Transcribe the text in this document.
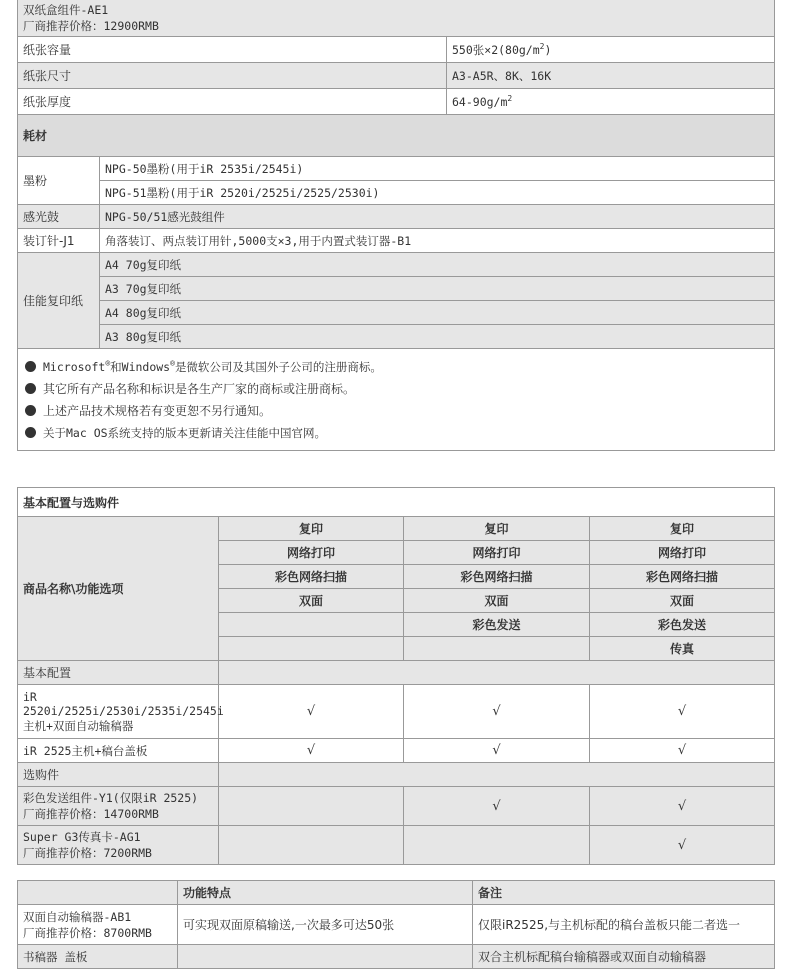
双纸盒组件-AE1
厂商推荐价格：12900RMB		

纸张容量		550张$\times 2(80g/m^2)$
纸张尺寸		A3-A5R、8K、16K
纸张厚度		$64-90g/m^2$
耗材		
墨粉	NPG-50墨粉(用于iR 2535i/2545i)	
	NPG-51墨粉(用于iR 2520i/2525i/2525/2530i)	
感光鼓	NPG-50/51感光鼓组件	
装订针-J1	角落装订、两点装订用针,5000支×3,用于内置式装订器-B1	
佳能复印纸	A4 70g复印纸	
	A3 70g复印纸	
	A4 80g复印纸	
	A3 80g复印纸	

Microsoft®和Windows®是微软公司及其国外子公司的注册商标。
其它所有产品名称和标识是各生产厂家的商标或注册商标。
上述产品技术规格若有变更恕不另行通知。
关于Mac OS系统支持的版本更新请关注佳能中国官网。		
基本配置与选购件			
商品名称\功能选项	复印	复印	复印
	网络打印	网络打印	网络打印
	彩色网络扫描	彩色网络扫描	彩色网络扫描
	双面	双面	双面
		彩色发送	彩色发送
			传真
基本配置			

iR
2520i/2525i/2530i/2535i/2545i
主机+双面自动输稿器	√	√	√
iR 2525主机+稿台盖板	√	√	√
选购件			

彩色发送组件-Y1(仅限iR 2525)
厂商推荐价格：14700RMB		√	√

Super G3传真卡-AG1
厂商推荐价格：7200RMB			√
	功能特点	备注

双面自动输稿器-AB1
厂商推荐价格：8700RMB	可实现双面原稿输送,一次最多可达50张	仅限iR2525,与主机标配的稿台盖板只能二者选一
书稿器 盖板		双合主机标配稿台输稿器或双面自动输稿器
